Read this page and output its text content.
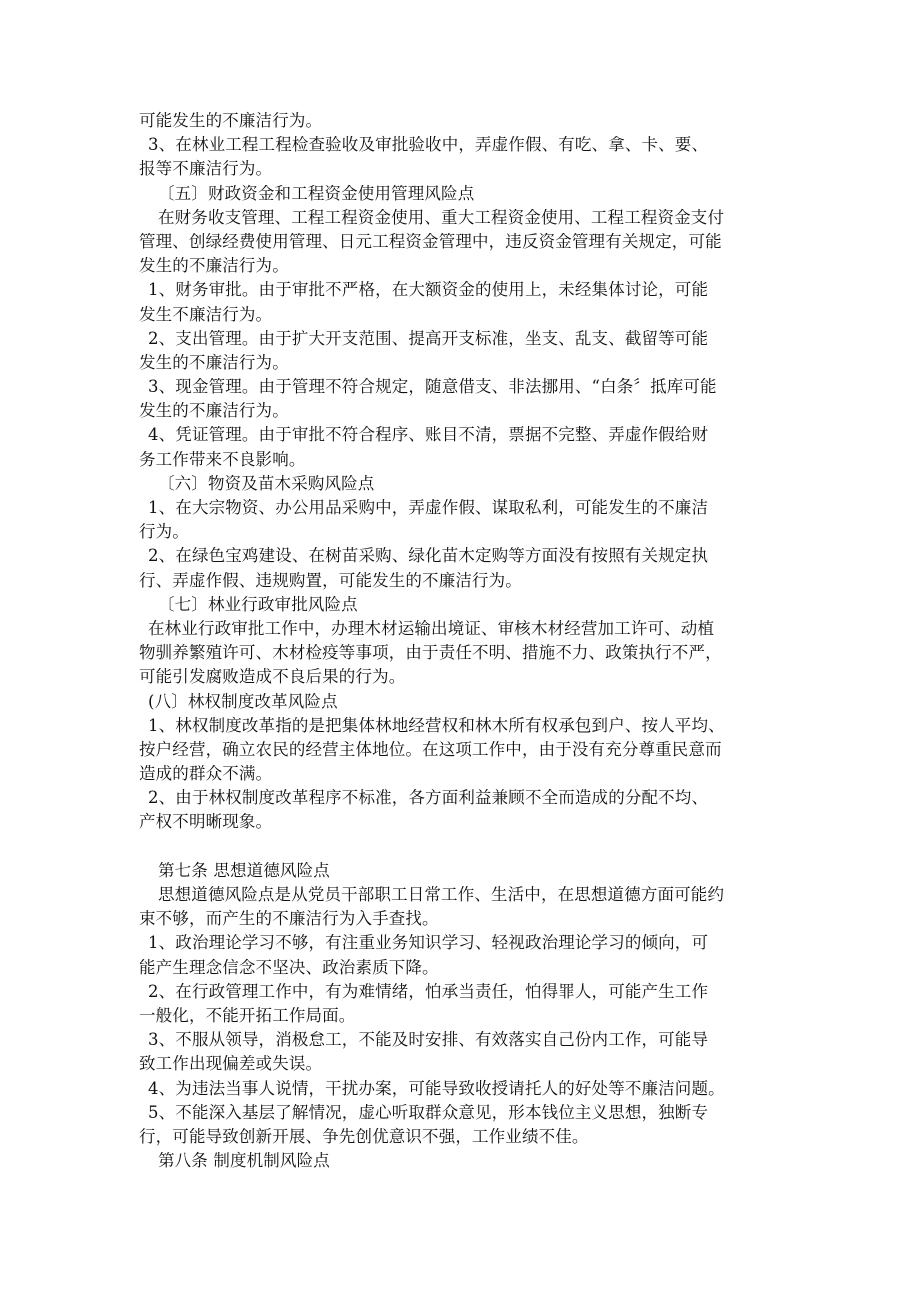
可能发生的不廉洁行为。
3、在林业工程工程检查验收及审批验收中，弄虚作假、有吃、拿、卡、要、
报等不廉洁行为。
〔五〕财政资金和工程资金使用管理风险点
在财务收支管理、工程工程资金使用、重大工程资金使用、工程工程资金支付
管理、创绿经费使用管理、日元工程资金管理中，违反资金管理有关规定，可能
发生的不廉洁行为。
1、财务审批。由于审批不严格，在大额资金的使用上，未经集体讨论，可能
发生不廉洁行为。
2、支出管理。由于扩大开支范围、提高开支标准，坐支、乱支、截留等可能
发生的不廉洁行为。
3、现金管理。由于管理不符合规定，随意借支、非法挪用、“白条〞抵库可能
发生的不廉洁行为。
4、凭证管理。由于审批不符合程序、账目不清，票据不完整、弄虚作假给财
务工作带来不良影响。
〔六〕物资及苗木采购风险点
1、在大宗物资、办公用品采购中，弄虚作假、谋取私利，可能发生的不廉洁
行为。
2、在绿色宝鸡建设、在树苗采购、绿化苗木定购等方面没有按照有关规定执
行、弄虚作假、违规购置，可能发生的不廉洁行为。
〔七〕林业行政审批风险点
在林业行政审批工作中，办理木材运输出境证、审核木材经营加工许可、动植
物驯养繁殖许可、木材检疫等事项，由于责任不明、措施不力、政策执行不严，
可能引发腐败造成不良后果的行为。
(八〕林权制度改革风险点
1、林权制度改革指的是把集体林地经营权和林木所有权承包到户、按人平均、
按户经营，确立农民的经营主体地位。在这项工作中，由于没有充分尊重民意而
造成的群众不满。
2、由于林权制度改革程序不标准，各方面利益兼顾不全而造成的分配不均、
产权不明晰现象。
第七条 思想道德风险点
思想道德风险点是从党员干部职工日常工作、生活中，在思想道德方面可能约
束不够，而产生的不廉洁行为入手查找。
1、政治理论学习不够，有注重业务知识学习、轻视政治理论学习的倾向，可
能产生理念信念不坚决、政治素质下降。
2、在行政管理工作中，有为难情绪，怕承当责任，怕得罪人，可能产生工作
一般化，不能开拓工作局面。
3、不服从领导，消极怠工，不能及时安排、有效落实自己份内工作，可能导
致工作出现偏差或失误。
4、为违法当事人说情，干扰办案，可能导致收授请托人的好处等不廉洁问题。
5、不能深入基层了解情况，虚心听取群众意见，形本钱位主义思想，独断专
行，可能导致创新开展、争先创优意识不强，工作业绩不佳。
第八条 制度机制风险点
